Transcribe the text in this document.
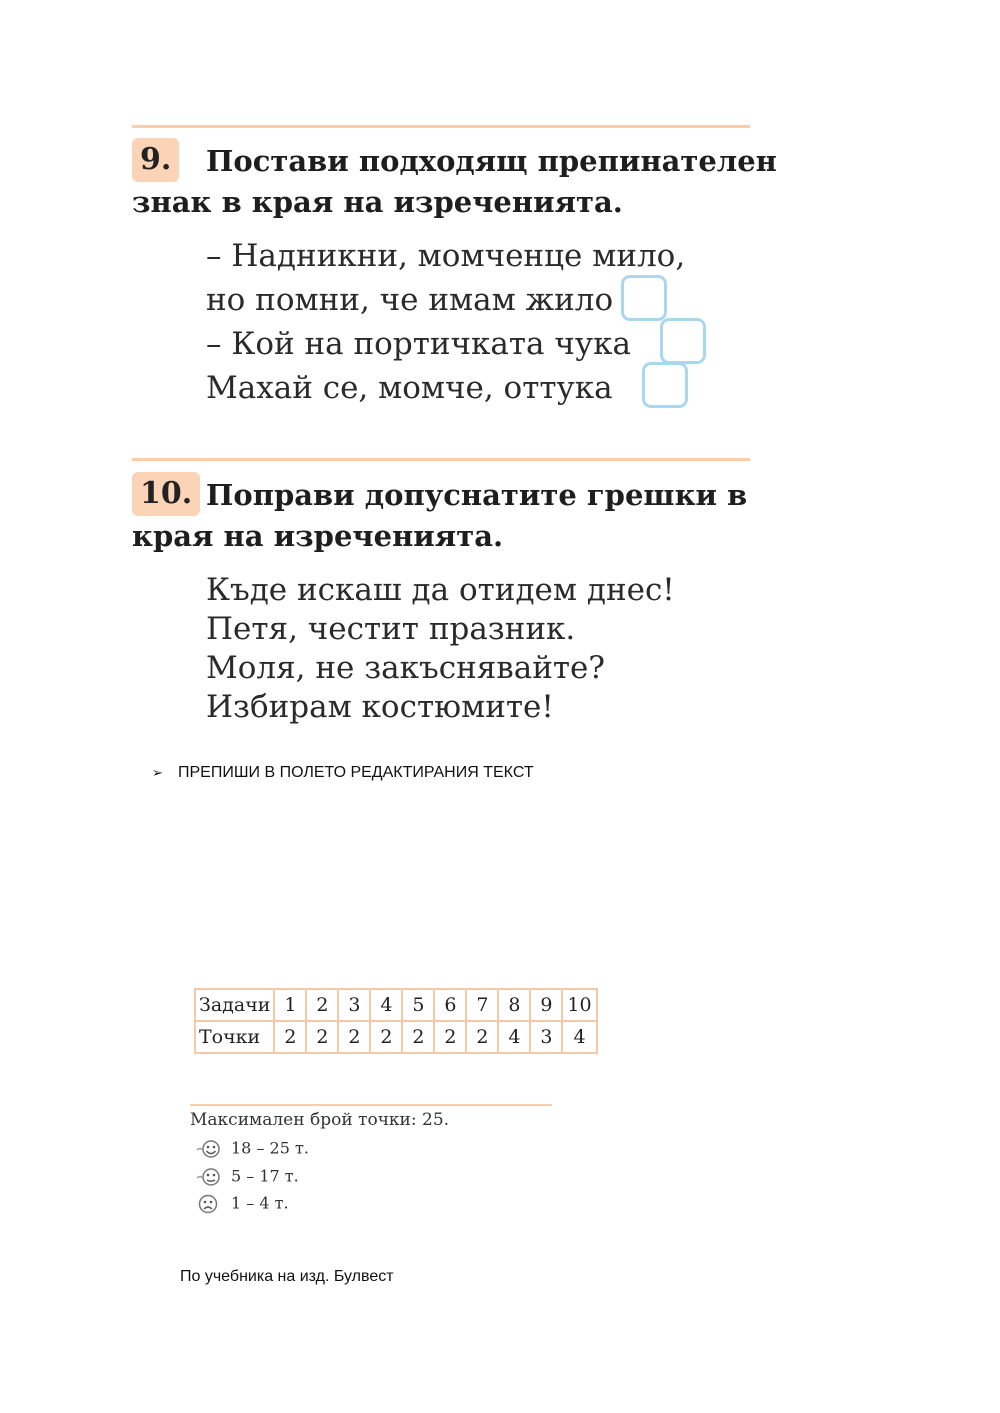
9. Постави подходящ препинателен
знак в края на изреченията.
– Надникни, момченце мило,
но помни, че имам жило
– Кой на портичката чука
Махай се, момче, оттука
10. Поправи допуснатите грешки в
края на изреченията.
Къде искаш да отидем днес!
Петя, честит празник.
Моля, не закъснявайте?
Избирам костюмите!
➢ ПРЕПИШИ В ПОЛЕТО РЕДАКТИРАНИЯ ТЕКСТ
Задачи	1	2	3	4	5	6	7	8	9	10
Точки	2	2	2	2	2	2	2	4	3	4
Максимален брой точки: 25.
18 – 25 т.
5 – 17 т.
1 – 4 т.
По учебника на изд. Булвест
